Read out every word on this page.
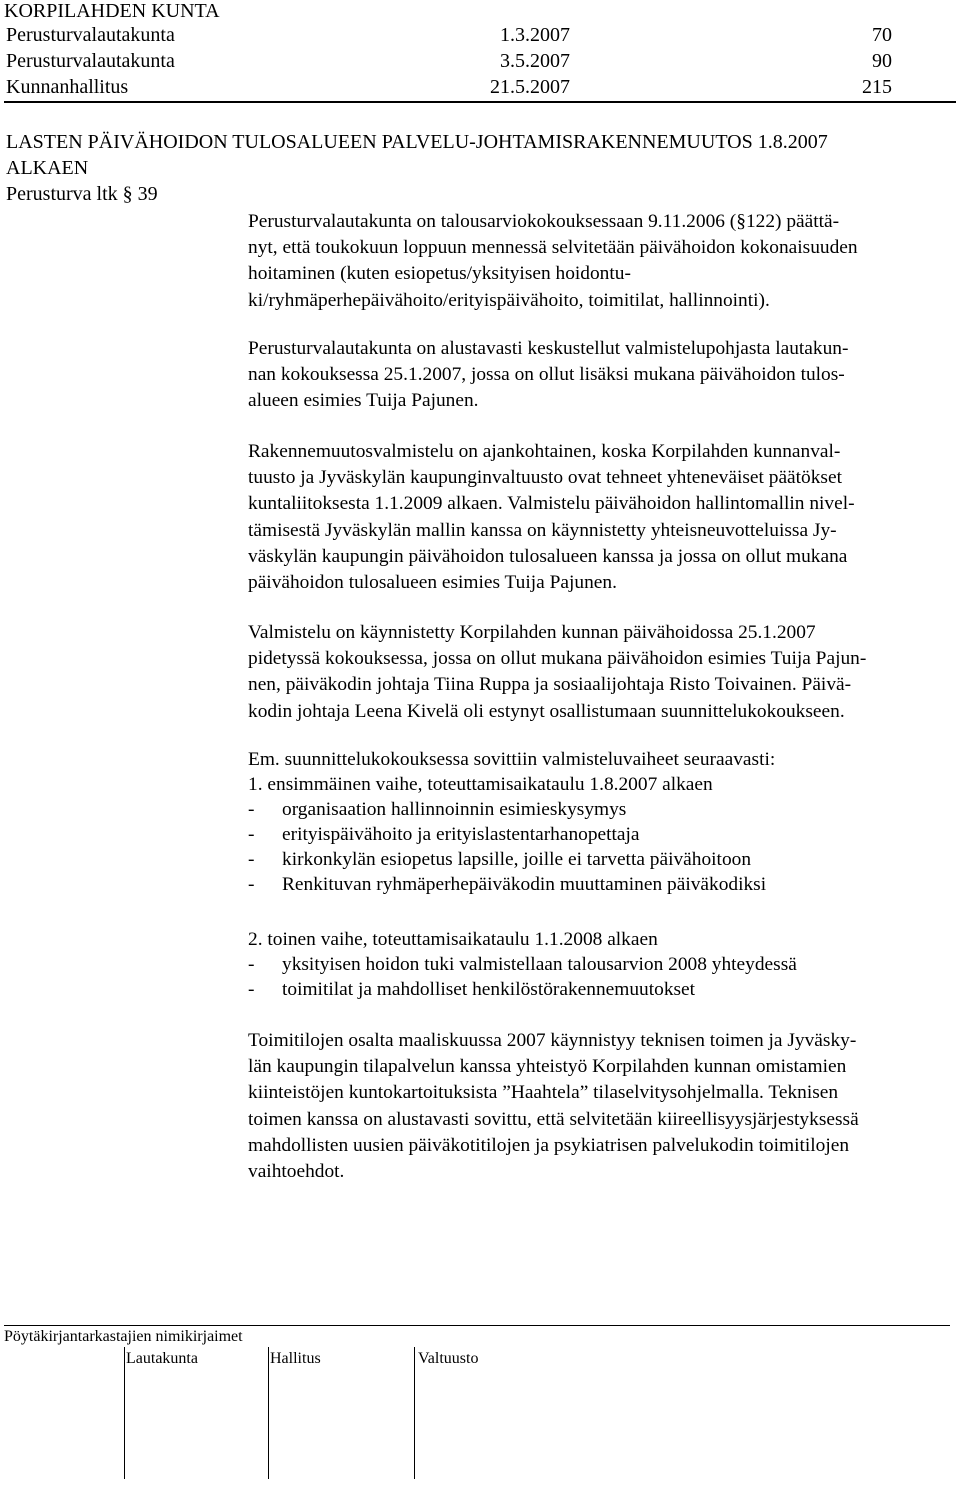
KORPILAHDEN KUNTA
Perusturvalautakunta	1.3.2007	70
Perusturvalautakunta	3.5.2007	90
Kunnanhallitus	21.5.2007	215
LASTEN PÄIVÄHOIDON TULOSALUEEN PALVELU-JOHTAMISRAKENNEMUUTOS 1.8.2007
ALKAEN
Perusturva ltk § 39
Perusturvalautakunta on talousarviokokouksessaan 9.11.2006 (§122) päättä-
nyt, että toukokuun loppuun mennessä selvitetään päivähoidon kokonaisuuden
hoitaminen (kuten esiopetus/yksityisen hoidontu-
ki/ryhmäperhepäivähoito/erityispäivähoito, toimitilat, hallinnointi).
Perusturvalautakunta on alustavasti keskustellut valmistelupohjasta lautakun-
nan kokouksessa 25.1.2007, jossa on ollut lisäksi mukana päivähoidon tulos-
alueen esimies Tuija Pajunen.
Rakennemuutosvalmistelu on ajankohtainen, koska Korpilahden kunnanval-
tuusto ja Jyväskylän kaupunginvaltuusto ovat tehneet yhteneväiset päätökset
kuntaliitoksesta 1.1.2009 alkaen. Valmistelu päivähoidon hallintomallin nivel-
tämisestä Jyväskylän mallin kanssa on käynnistetty yhteisneuvotteluissa Jy-
väskylän kaupungin päivähoidon tulosalueen kanssa ja jossa on ollut mukana
päivähoidon tulosalueen esimies Tuija Pajunen.
Valmistelu on käynnistetty Korpilahden kunnan päivähoidossa 25.1.2007
pidetyssä kokouksessa, jossa on ollut mukana päivähoidon esimies Tuija Pajun-
nen, päiväkodin johtaja Tiina Ruppa ja sosiaalijohtaja Risto Toivainen. Päivä-
kodin johtaja Leena Kivelä oli estynyt osallistumaan suunnittelukokoukseen.
Em. suunnittelukokouksessa sovittiin valmisteluvaiheet seuraavasti:
1. ensimmäinen vaihe, toteuttamisaikataulu 1.8.2007 alkaen
- organisaation hallinnoinnin esimieskysymys
- erityispäivähoito ja erityislastentarhanopettaja
- kirkonkylän esiopetus lapsille, joille ei tarvetta päivähoitoon
- Renkituvan ryhmäperhepäiväkodin muuttaminen päiväkodiksi
2. toinen vaihe, toteuttamisaikataulu 1.1.2008 alkaen
- yksityisen hoidon tuki valmistellaan talousarvion 2008 yhteydessä
- toimitilat ja mahdolliset henkilöstörakennemuutokset
Toimitilojen osalta maaliskuussa 2007 käynnistyy teknisen toimen ja Jyväsky-
län kaupungin tilapalvelun kanssa yhteistyö Korpilahden kunnan omistamien
kiinteistöjen kuntokartoituksista ”Haahtela” tilaselvitysohjelmalla. Teknisen
toimen kanssa on alustavasti sovittu, että selvitetään kiireellisyysjärjestyksessä
mahdollisten uusien päiväkotitilojen ja psykiatrisen palvelukodin toimitilojen
vaihtoehdot.
Pöytäkirjantarkastajien nimikirjaimet
Lautakunta	Hallitus	Valtuusto
